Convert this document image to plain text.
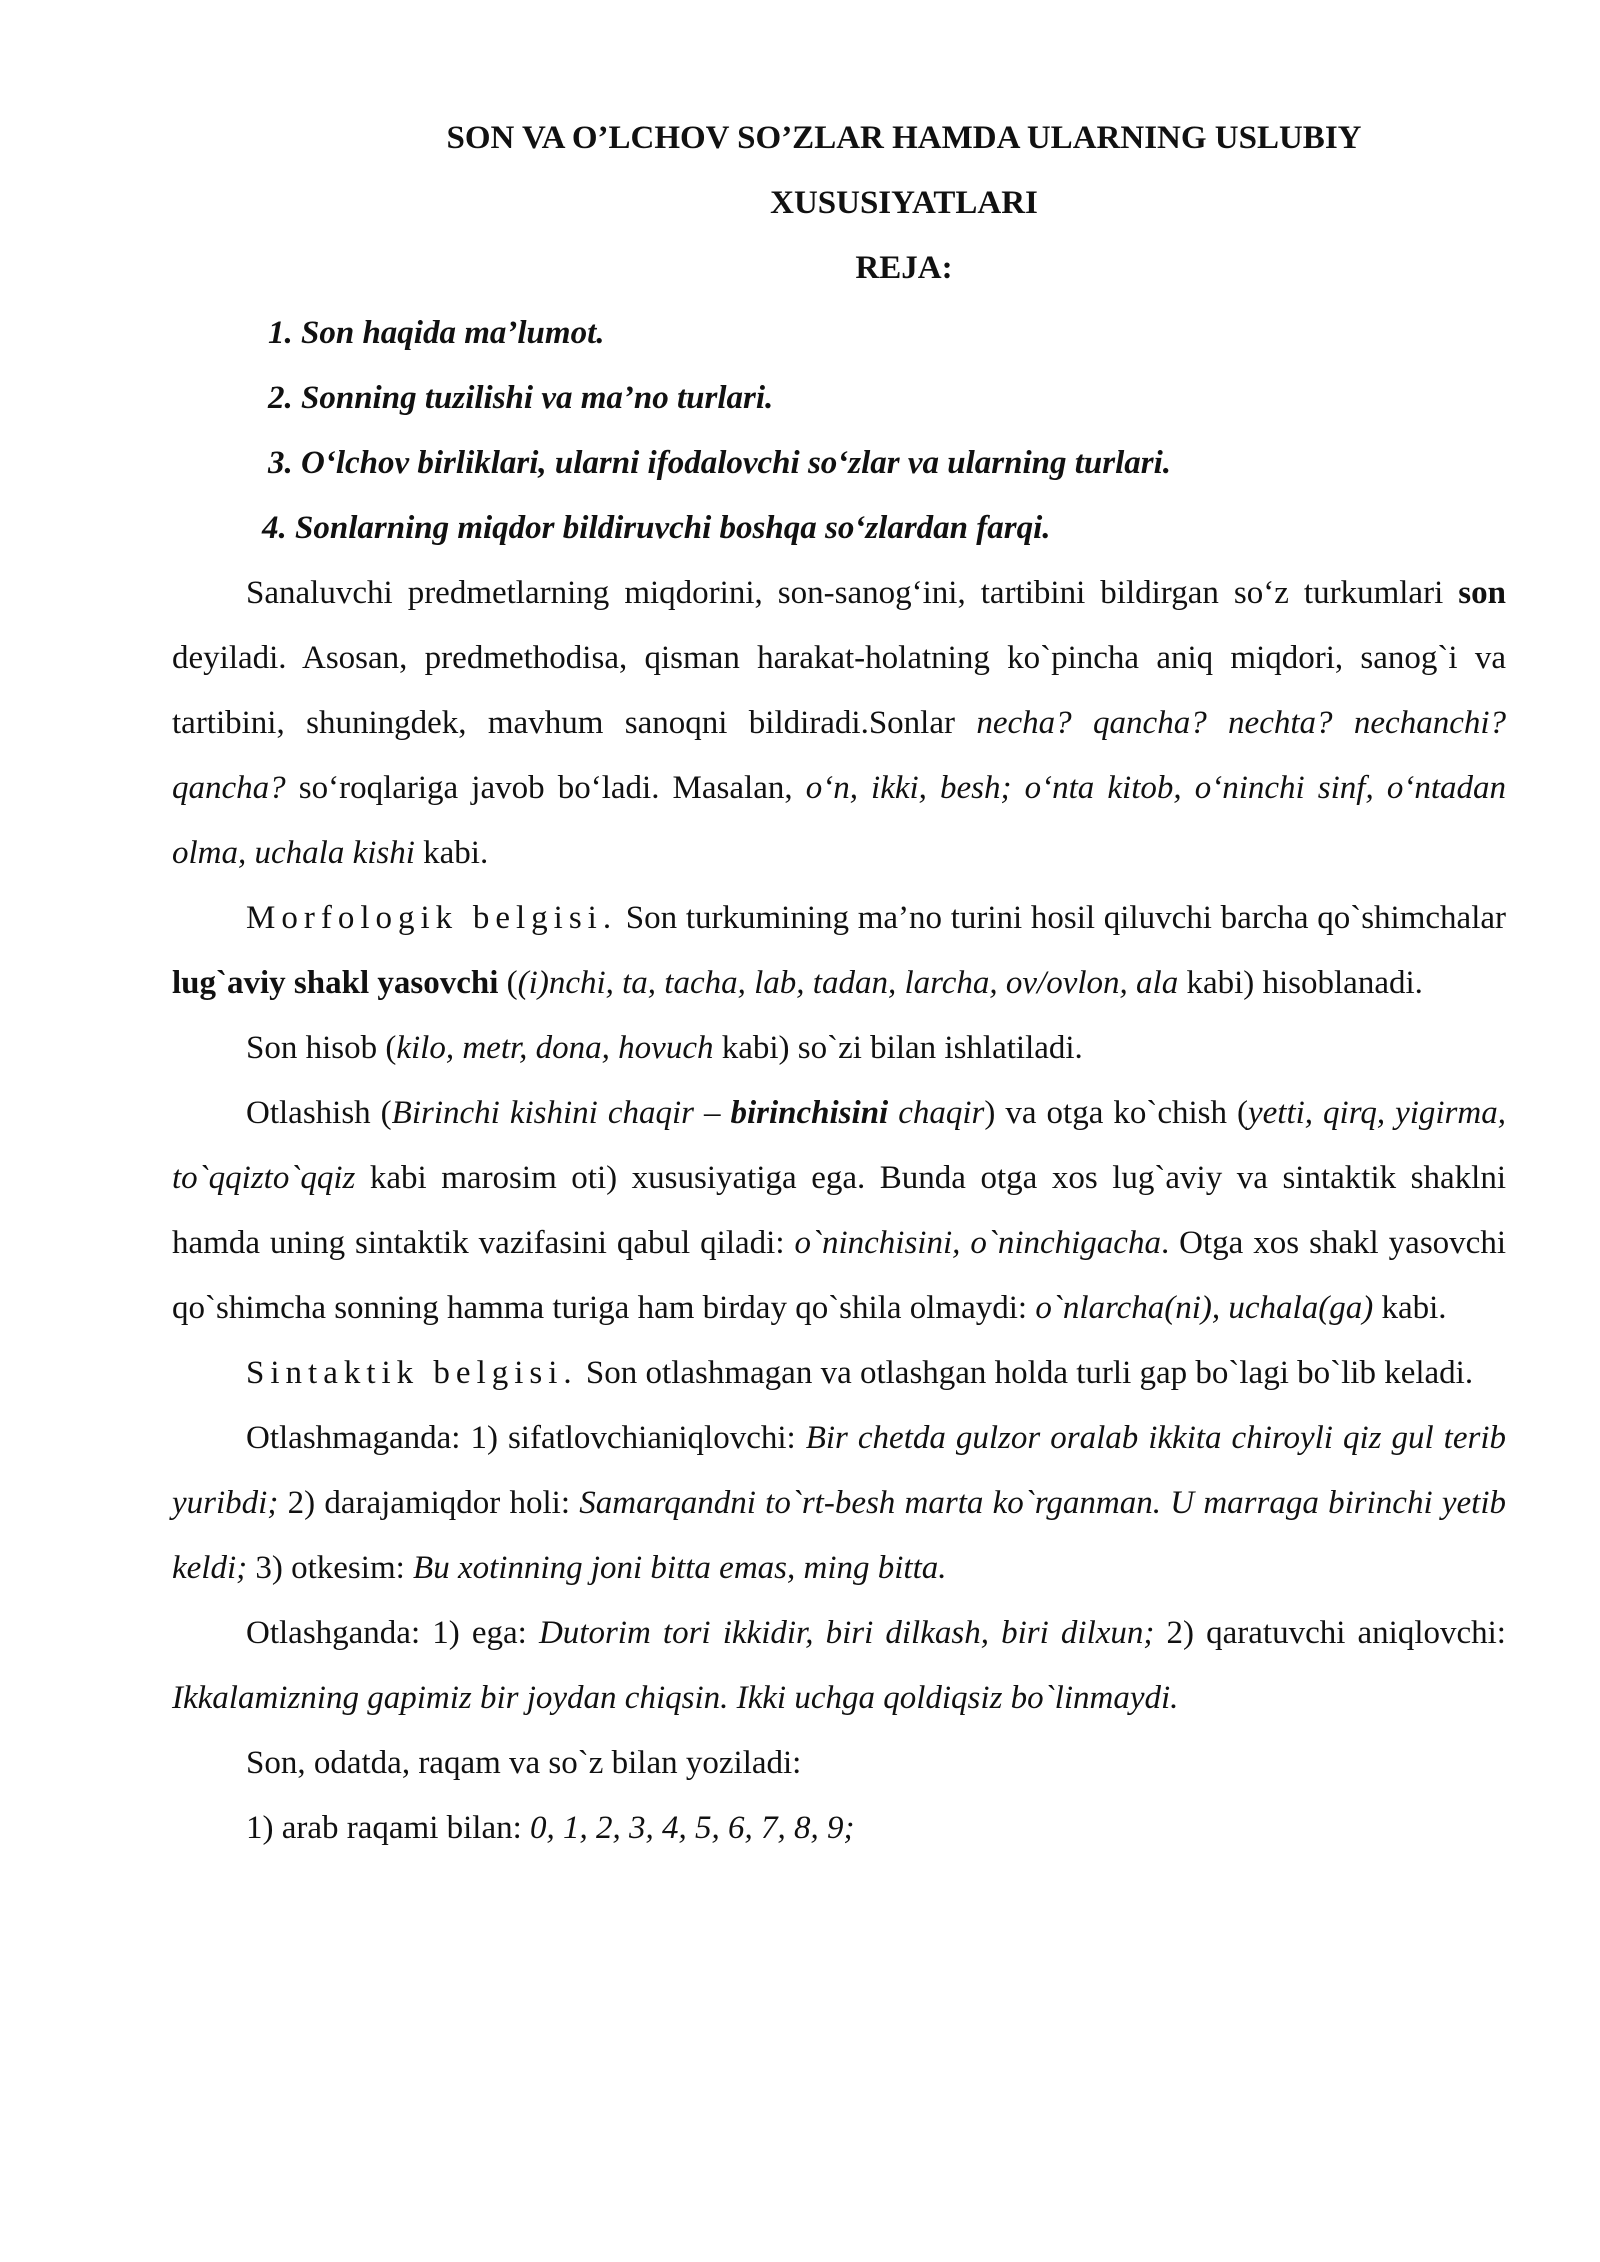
SON VA O’LCHOV SO’ZLAR HAMDA ULARNING USLUBIY
XUSUSIYATLARI
REJA:
1. Son haqida ma’lumot.
2. Sonning tuzilishi va ma’no turlari.
3. O‘lchov birliklari, ularni ifodalovchi so‘zlar va ularning turlari.
4. Sonlarning miqdor bildiruvchi boshqa so‘zlardan farqi.

Sanaluvchi predmetlarning miqdorini, son-sanog‘ini, tartibini bildirgan so‘z turkumlari son deyiladi. Asosan, predmethodisa, qisman harakat-holatning ko`pincha aniq miqdori, sanog`i va tartibini, shuningdek, mavhum sanoqni bildiradi.Sonlar necha? qancha? nechta? nechanchi? qancha? so‘roqlariga javob bo‘ladi. Masalan, o‘n, ikki, besh; o‘nta kitob, o‘ninchi sinf, o‘ntadan olma, uchala kishi kabi.

Morfologik belgisi. Son turkumining ma’no turini hosil qiluvchi barcha qo`shimchalar lug`aviy shakl yasovchi ((i)nchi, ta, tacha, lab, tadan, larcha, ov/ovlon, ala kabi) hisoblanadi.

Son hisob (kilo, metr, dona, hovuch kabi) so`zi bilan ishlatiladi.

Otlashish (Birinchi kishini chaqir – birinchisini chaqir) va otga ko`chish (yetti, qirq, yigirma, to`qqizto`qqiz kabi marosim oti) xususiyatiga ega. Bunda otga xos lug`aviy va sintaktik shaklni hamda uning sintaktik vazifasini qabul qiladi: o`ninchisini, o`ninchigacha. Otga xos shakl yasovchi qo`shimcha sonning hamma turiga ham birday qo`shila olmaydi: o`nlarcha(ni), uchala(ga) kabi.

Sintaktik belgisi. Son otlashmagan va otlashgan holda turli gap bo`lagi bo`lib keladi.

Otlashmaganda: 1) sifatlovchianiqlovchi: Bir chetda gulzor oralab ikkita chiroyli qiz gul terib yuribdi; 2) darajamiqdor holi: Samarqandni to`rt-besh marta ko`rganman. U marraga birinchi yetib keldi; 3) otkesim: Bu xotinning joni bitta emas, ming bitta.

Otlashganda: 1) ega: Dutorim tori ikkidir, biri dilkash, biri dilxun; 2) qaratuvchi aniqlovchi: Ikkalamizning gapimiz bir joydan chiqsin. Ikki uchga qoldiqsiz bo`linmaydi.

Son, odatda, raqam va so`z bilan yoziladi:

1) arab raqami bilan: 0, 1, 2, 3, 4, 5, 6, 7, 8, 9;
